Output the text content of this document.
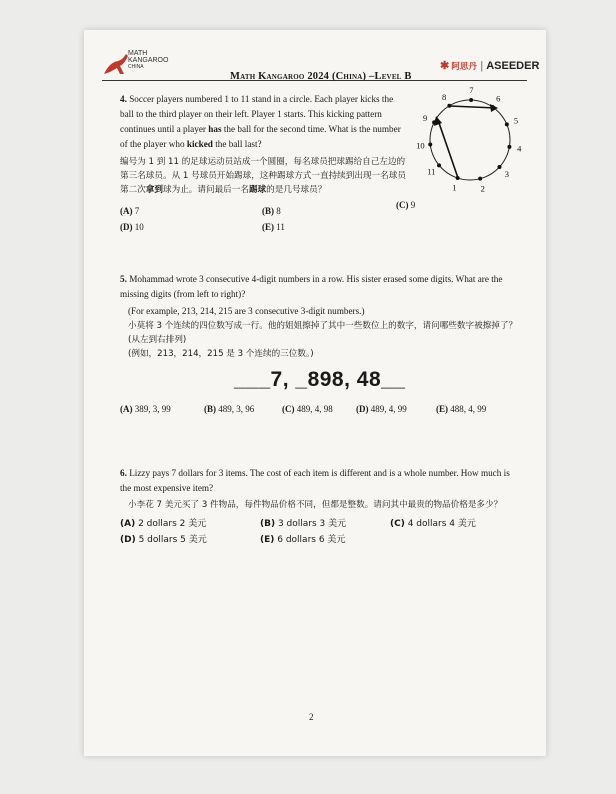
MATH
KANGAROO
CHINA
Math Kangaroo 2024 (China) –Level B
✱ 阿思丹 | ASEEDER
4. Soccer players numbered 1 to 11 stand in a circle. Each player kicks the ball to the third player on their left. Player 1 starts. This kicking pattern continues until a player has the ball for the second time. What is the number of the player who kicked the ball last?
编号为 1 到 11 的足球运动员站成一个圆圈，每名球员把球踢给自己左边的第三名球员。从 1 号球员开始踢球，这种踢球方式一直持续到出现一名球员第二次拿到球为止。请问最后一名踢球的是几号球员？	1	2
3
4
5
6
7
8
9
10
11
(A) 7	(B) 8
(C) 9
(D) 10	(E) 11
5. Mohammad wrote 3 consecutive 4-digit numbers in a row. His sister erased some digits. What are the missing digits (from left to right)?
(For example, 213, 214, 215 are 3 consecutive 3-digit numbers.)
小莫将 3 个连续的四位数写成一行。他的姐姐擦掉了其中一些数位上的数字，请问哪些数字被擦掉了？(从左到右排列)
(例如，213，214，215 是 3 个连续的三位数。)
___7, _898, 48__
(A) 389, 3, 99	(B) 489, 3, 96	(C) 489, 4, 98	(D) 489, 4, 99	(E) 488, 4, 99
6. Lizzy pays 7 dollars for 3 items. The cost of each item is different and is a whole number. How much is the most expensive item?
小李花 7 美元买了 3 件物品，每件物品价格不同，但都是整数。请问其中最贵的物品价格是多少？
(A) 2 dollars 2 美元	(B) 3 dollars 3 美元	(C) 4 dollars 4 美元
(D) 5 dollars 5 美元	(E) 6 dollars 6 美元
2
